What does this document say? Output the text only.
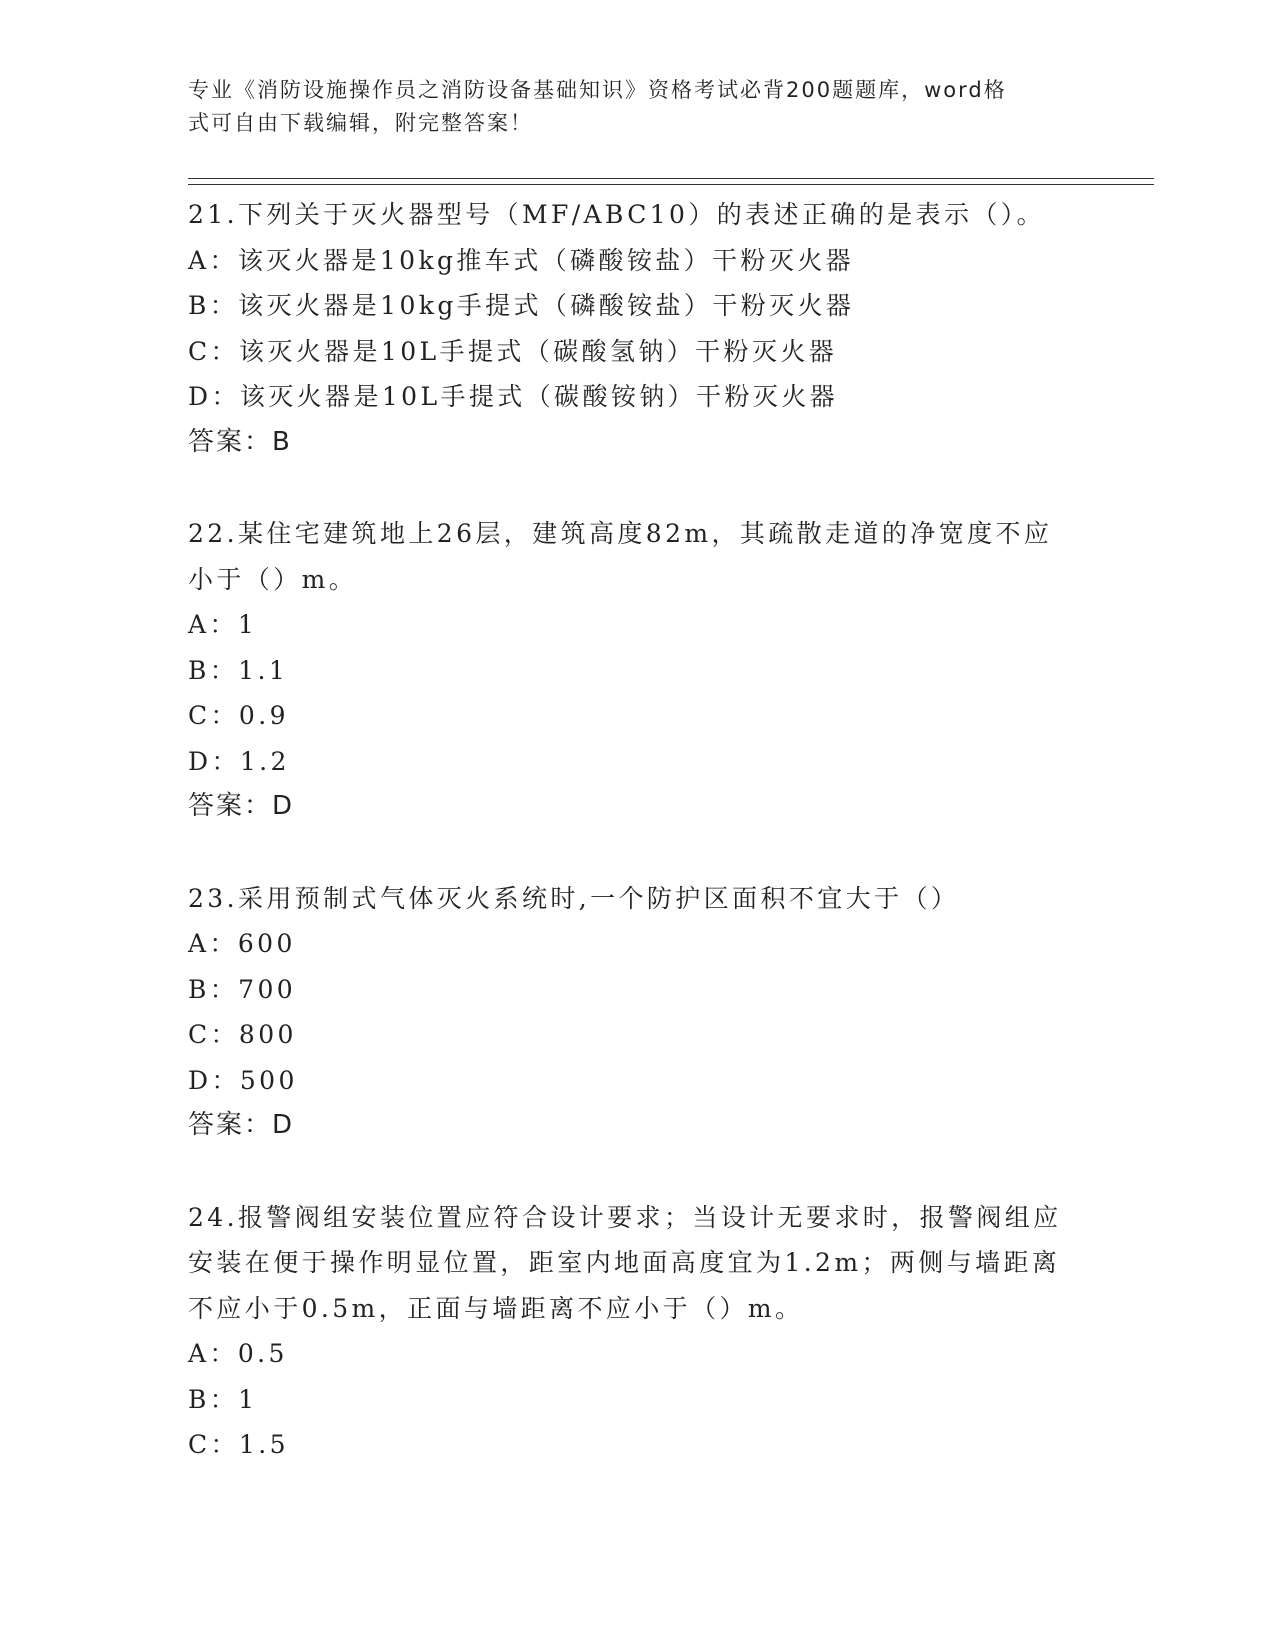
专业《消防设施操作员之消防设备基础知识》资格考试必背200题题库，word格
式可自由下载编辑，附完整答案！
21.下列关于灭火器型号（MF/ABC10）的表述正确的是表示（）。
A：该灭火器是10kg推车式（磷酸铵盐）干粉灭火器
B：该灭火器是10kg手提式（磷酸铵盐）干粉灭火器
C：该灭火器是10L手提式（碳酸氢钠）干粉灭火器
D：该灭火器是10L手提式（碳酸铵钠）干粉灭火器
答案：B
22.某住宅建筑地上26层，建筑高度82m，其疏散走道的净宽度不应小于（）m。
A：1
B：1.1
C：0.9
D：1.2
答案：D
23.采用预制式气体灭火系统时,一个防护区面积不宜大于（）
A：600
B：700
C：800
D：500
答案：D
24.报警阀组安装位置应符合设计要求；当设计无要求时，报警阀组应安装在便于操作明显位置，距室内地面高度宜为1.2m；两侧与墙距离不应小于0.5m，正面与墙距离不应小于（）m。
A：0.5
B：1
C：1.5
